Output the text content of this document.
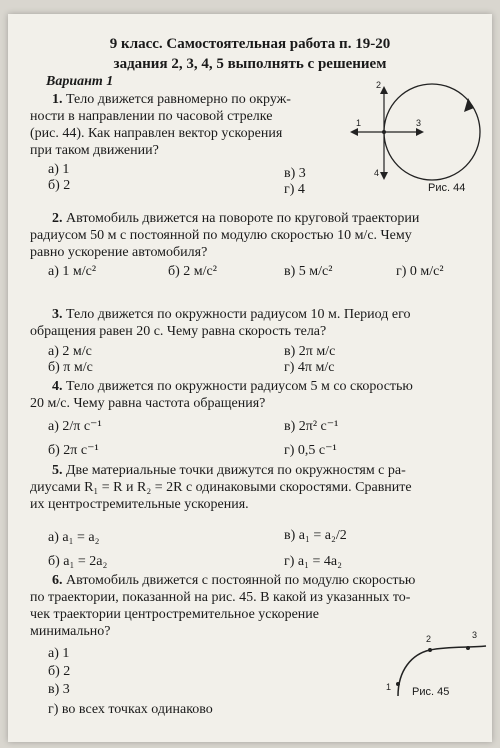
9 класс. Самостоятельная работа п. 19-20
задания 2, 3, 4, 5 выполнять с решением
Вариант 1
1. Тело движется равномерно по окруж-
ности в направлении по часовой стрелке
(рис. 44). Как направлен вектор ускорения
при таком движении?
а) 1
б) 2
в) 3
г) 4
1
2
3
4
Рис. 44
2. Автомобиль движется на повороте по круговой траектории
радиусом 50 м с постоянной по модулю скоростью 10 м/с. Чему
равно ускорение автомобиля?
а) 1 м/с²	б) 2 м/с²	в) 5 м/с²	г) 0 м/с²
3. Тело движется по окружности радиусом 10 м. Период его
обращения равен 20 с. Чему равна скорость тела?
а) 2 м/с
б) π м/с
в) 2π м/с
г) 4π м/с
4. Тело движется по окружности радиусом 5 м со скоростью
20 м/с. Чему равна частота обращения?
а) 2/π с⁻¹
б) 2π с⁻¹
в) 2π² с⁻¹
г) 0,5 с⁻¹
5. Две материальные точки движутся по окружностям с ра-
диусами R₁ = R и R₂ = 2R с одинаковыми скоростями. Сравните
их центростремительные ускорения.
а) a₁ = a₂
б) a₁ = 2a₂
в) a₁ = a₂/2
г) a₁ = 4a₂
6. Автомобиль движется с постоянной по модулю скоростью
по траектории, показанной на рис. 45. В какой из указанных то-
чек траектории центростремительное ускорение
минимально?
а) 1
б) 2
в) 3
г) во всех точках одинаково
1
2	3
Рис. 45
